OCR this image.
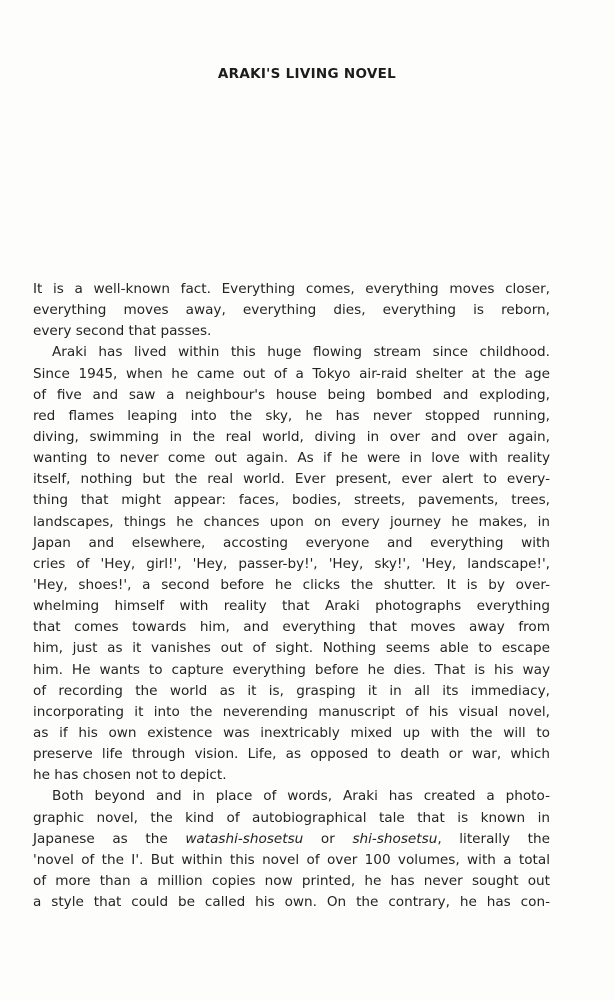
ARAKI'S LIVING NOVEL
It is a well-known fact. Everything comes, everything moves closer,
everything moves away, everything dies, everything is reborn,
every second that passes.
Araki has lived within this huge flowing stream since childhood.
Since 1945, when he came out of a Tokyo air-raid shelter at the age
of five and saw a neighbour's house being bombed and exploding,
red flames leaping into the sky, he has never stopped running,
diving, swimming in the real world, diving in over and over again,
wanting to never come out again. As if he were in love with reality
itself, nothing but the real world. Ever present, ever alert to every-
thing that might appear: faces, bodies, streets, pavements, trees,
landscapes, things he chances upon on every journey he makes, in
Japan and elsewhere, accosting everyone and everything with
cries of 'Hey, girl!', 'Hey, passer-by!', 'Hey, sky!', 'Hey, landscape!',
'Hey, shoes!', a second before he clicks the shutter. It is by over-
whelming himself with reality that Araki photographs everything
that comes towards him, and everything that moves away from
him, just as it vanishes out of sight. Nothing seems able to escape
him. He wants to capture everything before he dies. That is his way
of recording the world as it is, grasping it in all its immediacy,
incorporating it into the neverending manuscript of his visual novel,
as if his own existence was inextricably mixed up with the will to
preserve life through vision. Life, as opposed to death or war, which
he has chosen not to depict.
Both beyond and in place of words, Araki has created a photo-
graphic novel, the kind of autobiographical tale that is known in
Japanese as the watashi-shosetsu or shi-shosetsu, literally the
'novel of the I'. But within this novel of over 100 volumes, with a total
of more than a million copies now printed, he has never sought out
a style that could be called his own. On the contrary, he has con-
